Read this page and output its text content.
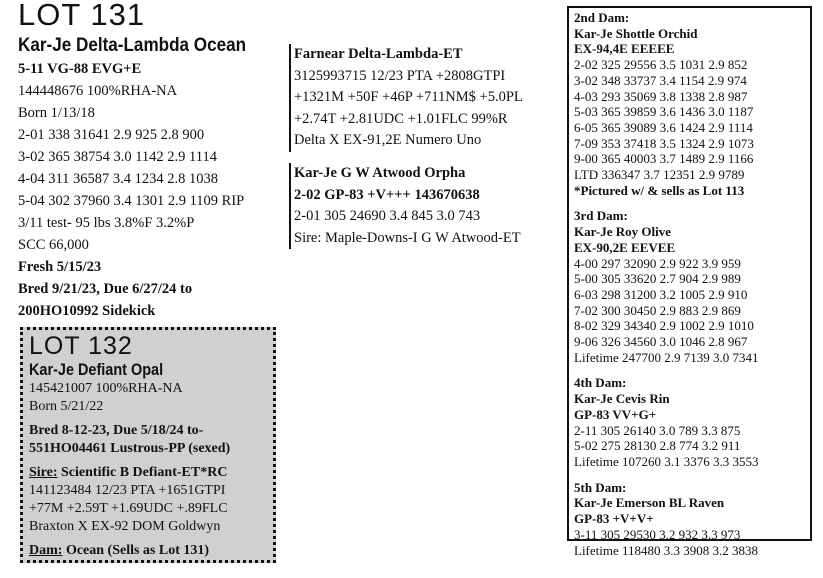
LOT 131
Kar-Je Delta-Lambda Ocean
5-11 VG-88 EVG+E
144448676 100%RHA-NA
Born 1/13/18
2-01 338 31641 2.9 925 2.8 900
3-02 365 38754 3.0 1142 2.9 1114
4-04 311 36587 3.4 1234 2.8 1038
5-04 302 37960 3.4 1301 2.9 1109 RIP
3/11 test- 95 lbs 3.8%F 3.2%P
SCC 66,000
Fresh 5/15/23
Bred 9/21/23, Due 6/27/24 to
200HO10992 Sidekick
Farnear Delta-Lambda-ET
3125993715 12/23 PTA +2808GTPI
+1321M +50F +46P +711NM$ +5.0PL
+2.74T +2.81UDC +1.01FLC 99%R
Delta X EX-91,2E Numero Uno
Kar-Je G W Atwood Orpha
2-02 GP-83 +V+++ 143670638
2-01 305 24690 3.4 845 3.0 743
Sire: Maple-Downs-I G W Atwood-ET
LOT 132
Kar-Je Defiant Opal
145421007 100%RHA-NA
Born 5/21/22
Bred 8-12-23, Due 5/18/24 to-
551HO04461 Lustrous-PP (sexed)
Sire: Scientific B Defiant-ET*RC
141123484 12/23 PTA +1651GTPI
+77M +2.59T +1.69UDC +.89FLC
Braxton X EX-92 DOM Goldwyn
Dam: Ocean (Sells as Lot 131)
2nd Dam:
Kar-Je Shottle Orchid
EX-94,4E EEEEE
2-02 325 29556 3.5 1031 2.9 852
3-02 348 33737 3.4 1154 2.9 974
4-03 293 35069 3.8 1338 2.8 987
5-03 365 39859 3.6 1436 3.0 1187
6-05 365 39089 3.6 1424 2.9 1114
7-09 353 37418 3.5 1324 2.9 1073
9-00 365 40003 3.7 1489 2.9 1166
LTD 336347 3.7 12351 2.9 9789
*Pictured w/ & sells as Lot 113
3rd Dam:
Kar-Je Roy Olive
EX-90,2E EEVEE
4-00 297 32090 2.9 922 3.9 959
5-00 305 33620 2.7 904 2.9 989
6-03 298 31200 3.2 1005 2.9 910
7-02 300 30450 2.9 883 2.9 869
8-02 329 34340 2.9 1002 2.9 1010
9-06 326 34560 3.0 1046 2.8 967
Lifetime 247700 2.9 7139 3.0 7341
4th Dam:
Kar-Je Cevis Rin
GP-83 VV+G+
2-11 305 26140 3.0 789 3.3 875
5-02 275 28130 2.8 774 3.2 911
Lifetime 107260 3.1 3376 3.3 3553
5th Dam:
Kar-Je Emerson BL Raven
GP-83 +V+V+
3-11 305 29530 3.2 932 3.3 973
Lifetime 118480 3.3 3908 3.2 3838
